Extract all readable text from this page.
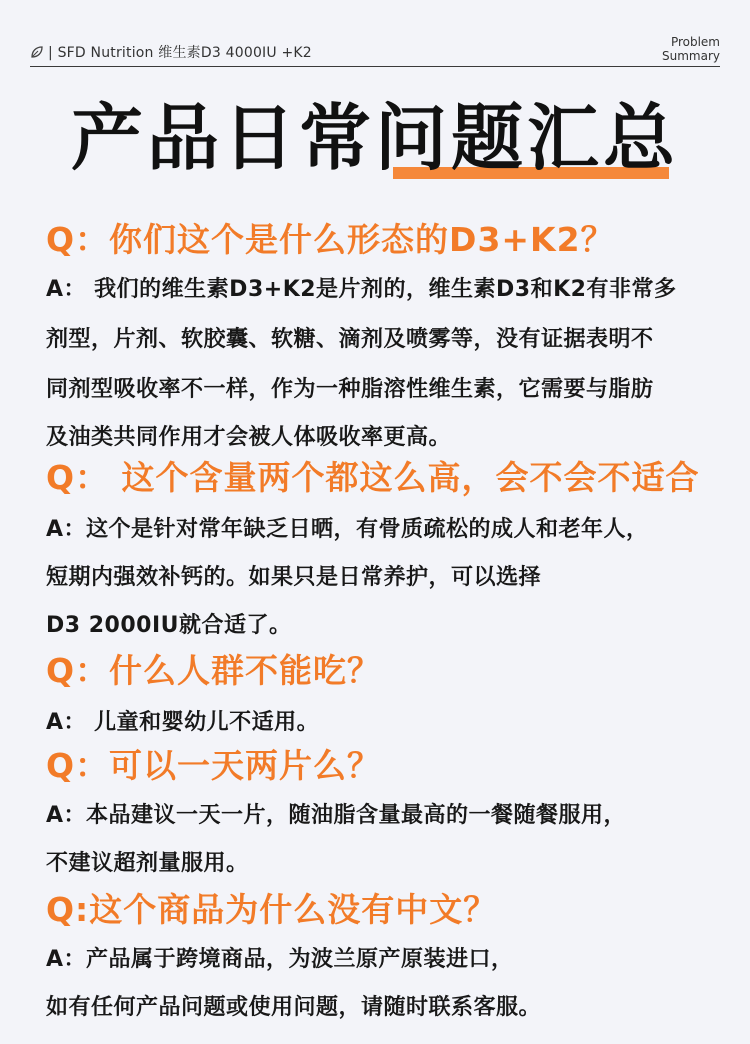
| SFD Nutrition 维生素D3 4000IU +K2
Problem
Summary
产品日常问题汇总
Q：你们这个是什么形态的D3+K2？
A： 我们的维生素D3+K2是片剂的，维生素D3和K2有非常多
剂型，片剂、软胶囊、软糖、滴剂及喷雾等，没有证据表明不
同剂型吸收率不一样，作为一种脂溶性维生素，它需要与脂肪
及油类共同作用才会被人体吸收率更高。
Q： 这个含量两个都这么高，会不会不适合
A：这个是针对常年缺乏日晒，有骨质疏松的成人和老年人，
短期内强效补钙的。如果只是日常养护，可以选择
D3 2000IU就合适了。
Q：什么人群不能吃？
A： 儿童和婴幼儿不适用。
Q：可以一天两片么？
A：本品建议一天一片，随油脂含量最高的一餐随餐服用，
不建议超剂量服用。
Q:这个商品为什么没有中文？
A：产品属于跨境商品，为波兰原产原装进口，
如有任何产品问题或使用问题，请随时联系客服。
